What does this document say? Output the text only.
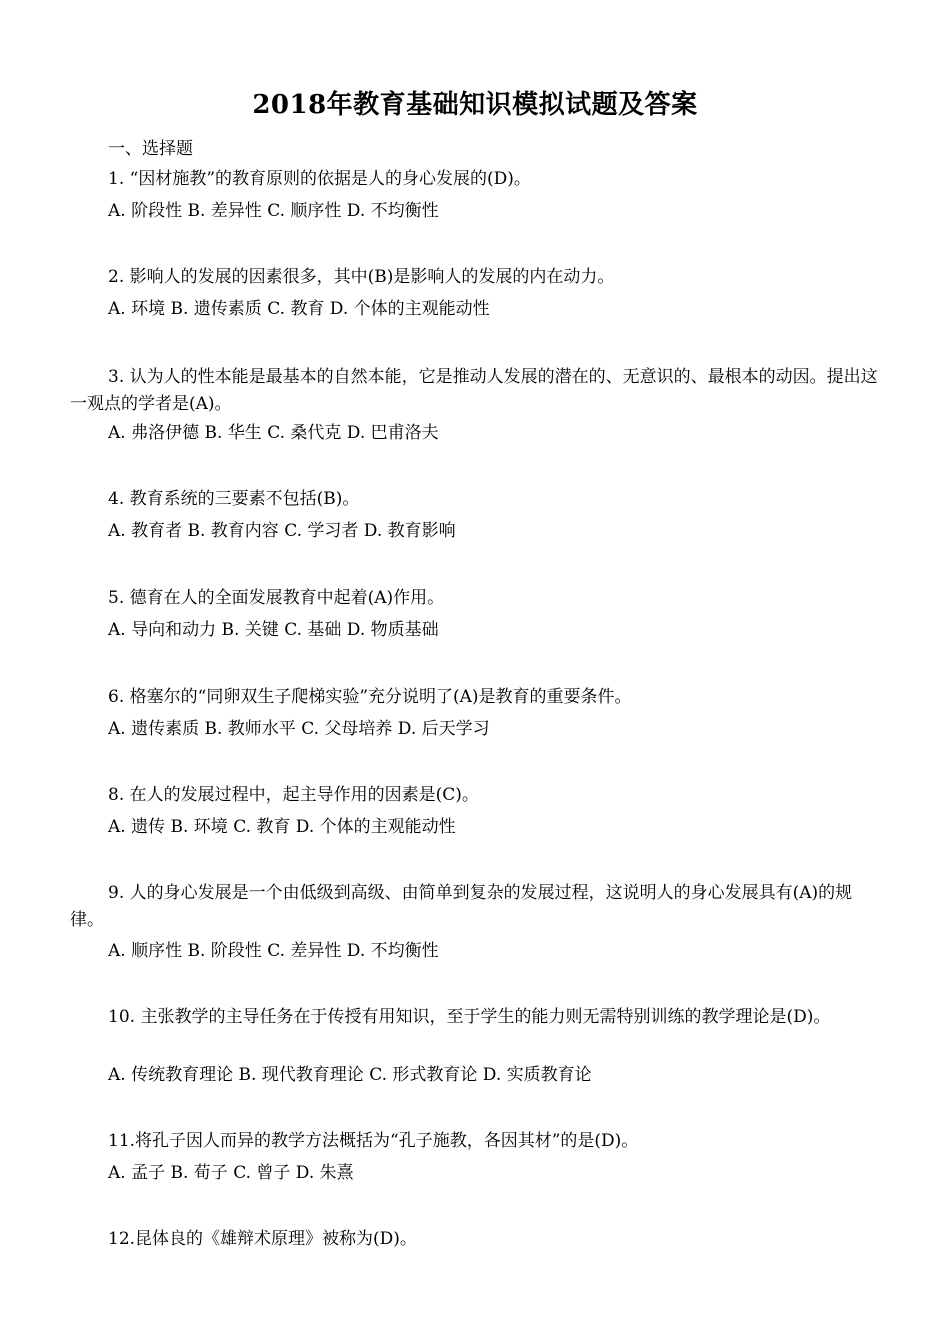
2018年教育基础知识模拟试题及答案
一、选择题
1. “因材施教”的教育原则的依据是人的身心发展的(D)。
A. 阶段性 B. 差异性 C. 顺序性 D. 不均衡性
2. 影响人的发展的因素很多，其中(B)是影响人的发展的内在动力。
A. 环境 B. 遗传素质 C. 教育 D. 个体的主观能动性
3. 认为人的性本能是最基本的自然本能，它是推动人发展的潜在的、无意识的、最根本的动因。提出这一观点的学者是(A)。
A. 弗洛伊德 B. 华生 C. 桑代克 D. 巴甫洛夫
4. 教育系统的三要素不包括(B)。
A. 教育者 B. 教育内容 C. 学习者 D. 教育影响
5. 德育在人的全面发展教育中起着(A)作用。
A. 导向和动力 B. 关键 C. 基础 D. 物质基础
6. 格塞尔的“同卵双生子爬梯实验”充分说明了(A)是教育的重要条件。
A. 遗传素质 B. 教师水平 C. 父母培养 D. 后天学习
8. 在人的发展过程中，起主导作用的因素是(C)。
A. 遗传 B. 环境 C. 教育 D. 个体的主观能动性
9. 人的身心发展是一个由低级到高级、由简单到复杂的发展过程，这说明人的身心发展具有(A)的规律。
A. 顺序性 B. 阶段性 C. 差异性 D. 不均衡性
10. 主张教学的主导任务在于传授有用知识，至于学生的能力则无需特别训练的教学理论是(D)。
A. 传统教育理论 B. 现代教育理论 C. 形式教育论 D. 实质教育论
11.将孔子因人而异的教学方法概括为“孔子施教，各因其材”的是(D)。
A. 孟子 B. 荀子 C. 曾子 D. 朱熹
12.昆体良的《雄辩术原理》被称为(D)。
